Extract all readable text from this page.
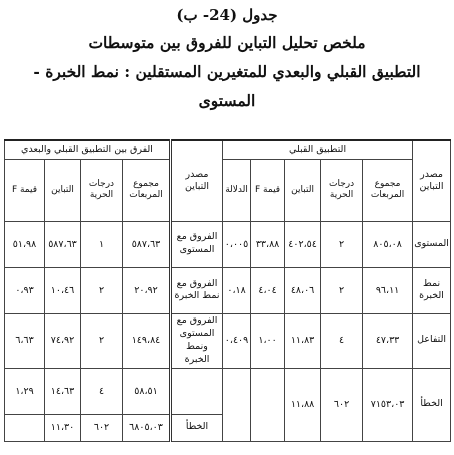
جدول (24- ب)
ملخص تحليل التباين للفروق بين متوسطات
التطبيق القبلي والبعدي للمتغيرين المستقلين : نمط الخبرة -
المستوى
مصدر التباين	التطبيق القبلي					مصدر التباين	الفرق بين التطبيق القبلي والبعدي				
	مجموع المربعات	درجات الحرية	التباين	قيمة F	الدلالة		مجموع المربعات	درجات الحرية	التباين	قيمة F	
المستوى	٨٠٥،٠٨	٢	٤٠٢،٥٤	٣٣،٨٨	٠،٠٠٥	الفروق مع المستوى	٥٨٧،٦٣	١	٥٨٧،٦٣	٥١،٩٨	
نمط الخبرة	٩٦،١١	٢	٤٨،٠٦	٤،٠٤	٠،١٨	الفروق مع نمط الخبرة	٢٠،٩٢	٢	١٠،٤٦	٠،٩٣	
التفاعل	٤٧،٣٣	٤	١١،٨٣	١،٠٠	٠،٤٠٩	الفروق مع المستوى ونمط الخبرة	١٤٩،٨٤	٢	٧٤،٩٢	٦،٦٣	
الخطأ	٧١٥٣،٠٣	٦٠٢	١١،٨٨				٥٨،٥١	٤	١٤،٦٣	١،٢٩	
						الخطأ	٦٨٠٥،٠٣	٦٠٢	١١،٣٠		
